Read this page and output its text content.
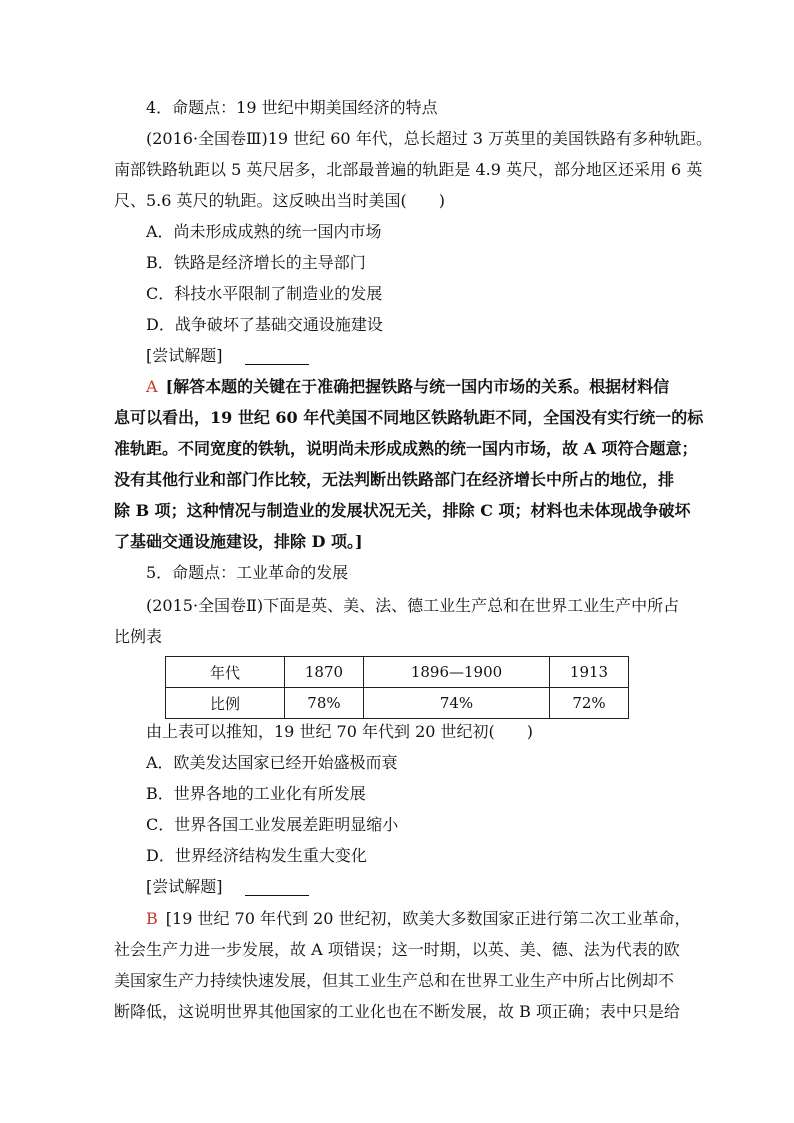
4．命题点：19 世纪中期美国经济的特点
(2016·全国卷Ⅲ)19 世纪 60 年代，总长超过 3 万英里的美国铁路有多种轨距。
南部铁路轨距以 5 英尺居多，北部最普遍的轨距是 4.9 英尺，部分地区还采用 6 英
尺、5.6 英尺的轨距。这反映出当时美国(　　)
A．尚未形成成熟的统一国内市场
B．铁路是经济增长的主导部门
C．科技水平限制了制造业的发展
D．战争破坏了基础交通设施建设
[尝试解题]
A [解答本题的关键在于准确把握铁路与统一国内市场的关系。根据材料信
息可以看出，19 世纪 60 年代美国不同地区铁路轨距不同，全国没有实行统一的标
准轨距。不同宽度的铁轨，说明尚未形成成熟的统一国内市场，故 A 项符合题意；
没有其他行业和部门作比较，无法判断出铁路部门在经济增长中所占的地位，排
除 B 项；这种情况与制造业的发展状况无关，排除 C 项；材料也未体现战争破坏
了基础交通设施建设，排除 D 项。]
5．命题点：工业革命的发展
(2015·全国卷Ⅱ)下面是英、美、法、德工业生产总和在世界工业生产中所占
比例表
年代	1870	1896—1900	1913
比例	78%	74%	72%
由上表可以推知，19 世纪 70 年代到 20 世纪初(　　)
A．欧美发达国家已经开始盛极而衰
B．世界各地的工业化有所发展
C．世界各国工业发展差距明显缩小
D．世界经济结构发生重大变化
[尝试解题]
B [19 世纪 70 年代到 20 世纪初，欧美大多数国家正进行第二次工业革命，
社会生产力进一步发展，故 A 项错误；这一时期，以英、美、德、法为代表的欧
美国家生产力持续快速发展，但其工业生产总和在世界工业生产中所占比例却不
断降低，这说明世界其他国家的工业化也在不断发展，故 B 项正确；表中只是给
